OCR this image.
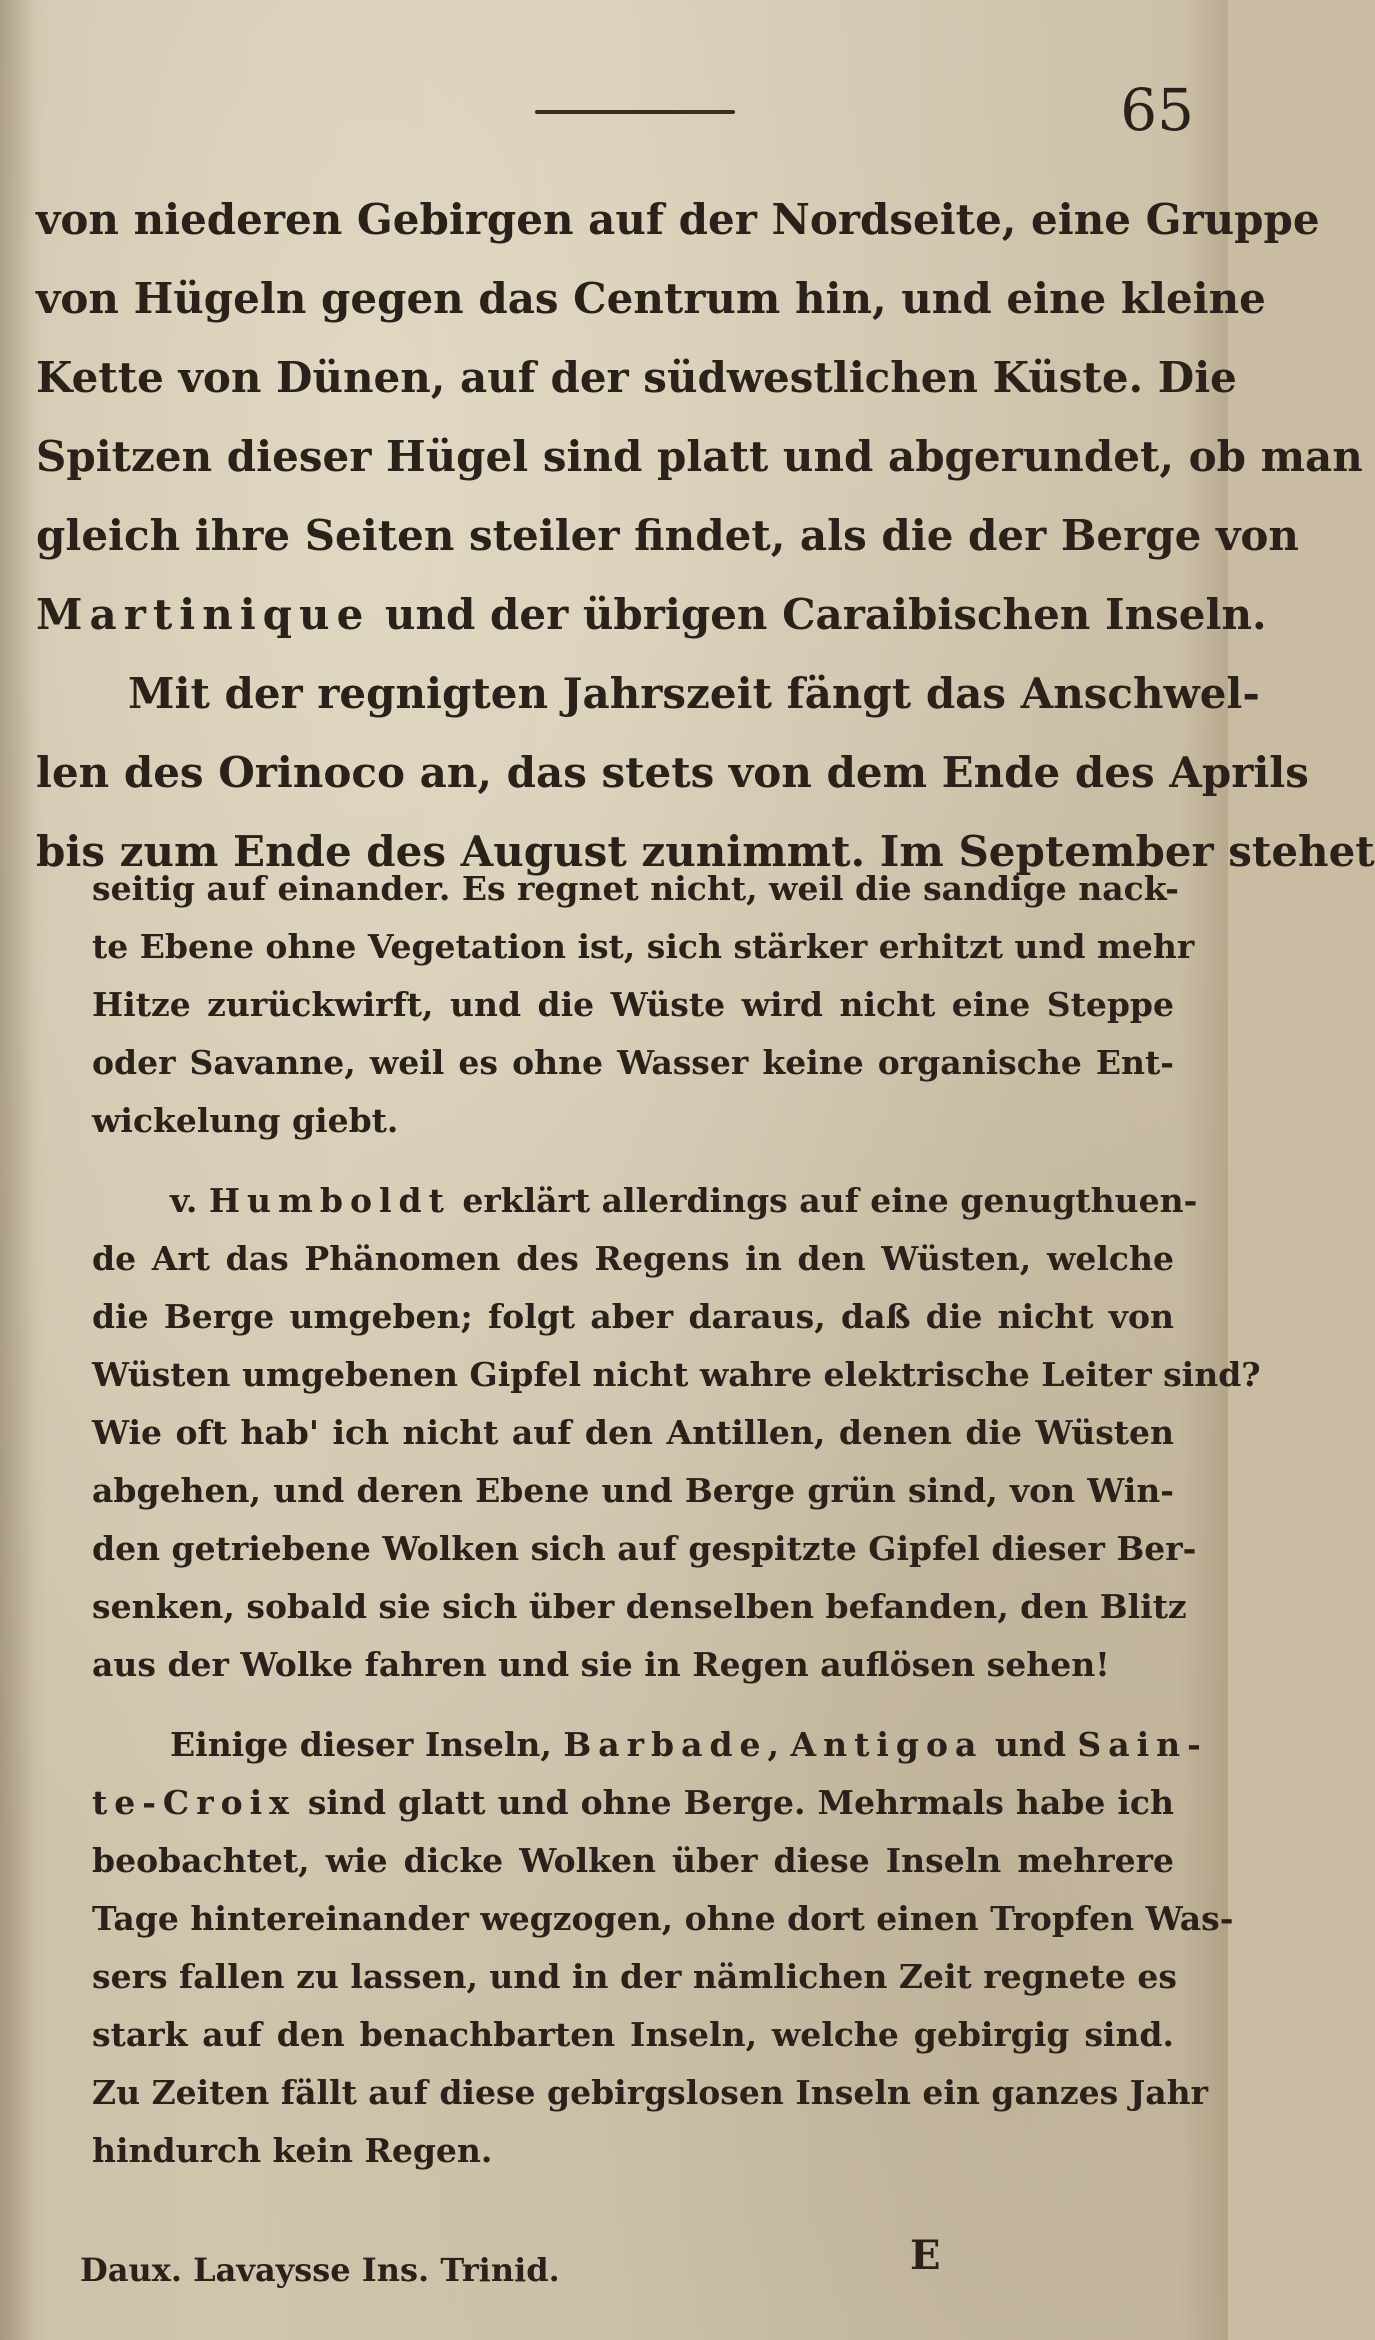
65
von niederen Gebirgen auf der Nordseite, eine Gruppe
von Hügeln gegen das Centrum hin, und eine kleine
Kette von Dünen, auf der südwestlichen Küste. Die
Spitzen dieser Hügel sind platt und abgerundet, ob man
gleich ihre Seiten steiler findet, als die der Berge von
Martinique und der übrigen Caraibischen Inseln.
Mit der regnigten Jahrszeit fängt das Anschwel-
len des Orinoco an, das stets von dem Ende des Aprils
bis zum Ende des August zunimmt. Im September stehet
seitig auf einander. Es regnet nicht, weil die sandige nack-
te Ebene ohne Vegetation ist, sich stärker erhitzt und mehr
Hitze zurückwirft, und die Wüste wird nicht eine Steppe
oder Savanne, weil es ohne Wasser keine organische Ent-
wickelung giebt.
v. Humboldt erklärt allerdings auf eine genugthuen-
de Art das Phänomen des Regens in den Wüsten, welche
die Berge umgeben; folgt aber daraus, daß die nicht von
Wüsten umgebenen Gipfel nicht wahre elektrische Leiter sind?
Wie oft hab' ich nicht auf den Antillen, denen die Wüsten
abgehen, und deren Ebene und Berge grün sind, von Win-
den getriebene Wolken sich auf gespitzte Gipfel dieser Ber-
senken, sobald sie sich über denselben befanden, den Blitz
aus der Wolke fahren und sie in Regen auflösen sehen!
Einige dieser Inseln, Barbade, Antigoa und Sain-
te-Croix sind glatt und ohne Berge. Mehrmals habe ich
beobachtet, wie dicke Wolken über diese Inseln mehrere
Tage hintereinander wegzogen, ohne dort einen Tropfen Was-
sers fallen zu lassen, und in der nämlichen Zeit regnete es
stark auf den benachbarten Inseln, welche gebirgig sind.
Zu Zeiten fällt auf diese gebirgslosen Inseln ein ganzes Jahr
hindurch kein Regen.
Daux. Lavaysse Ins. Trinid.	E
